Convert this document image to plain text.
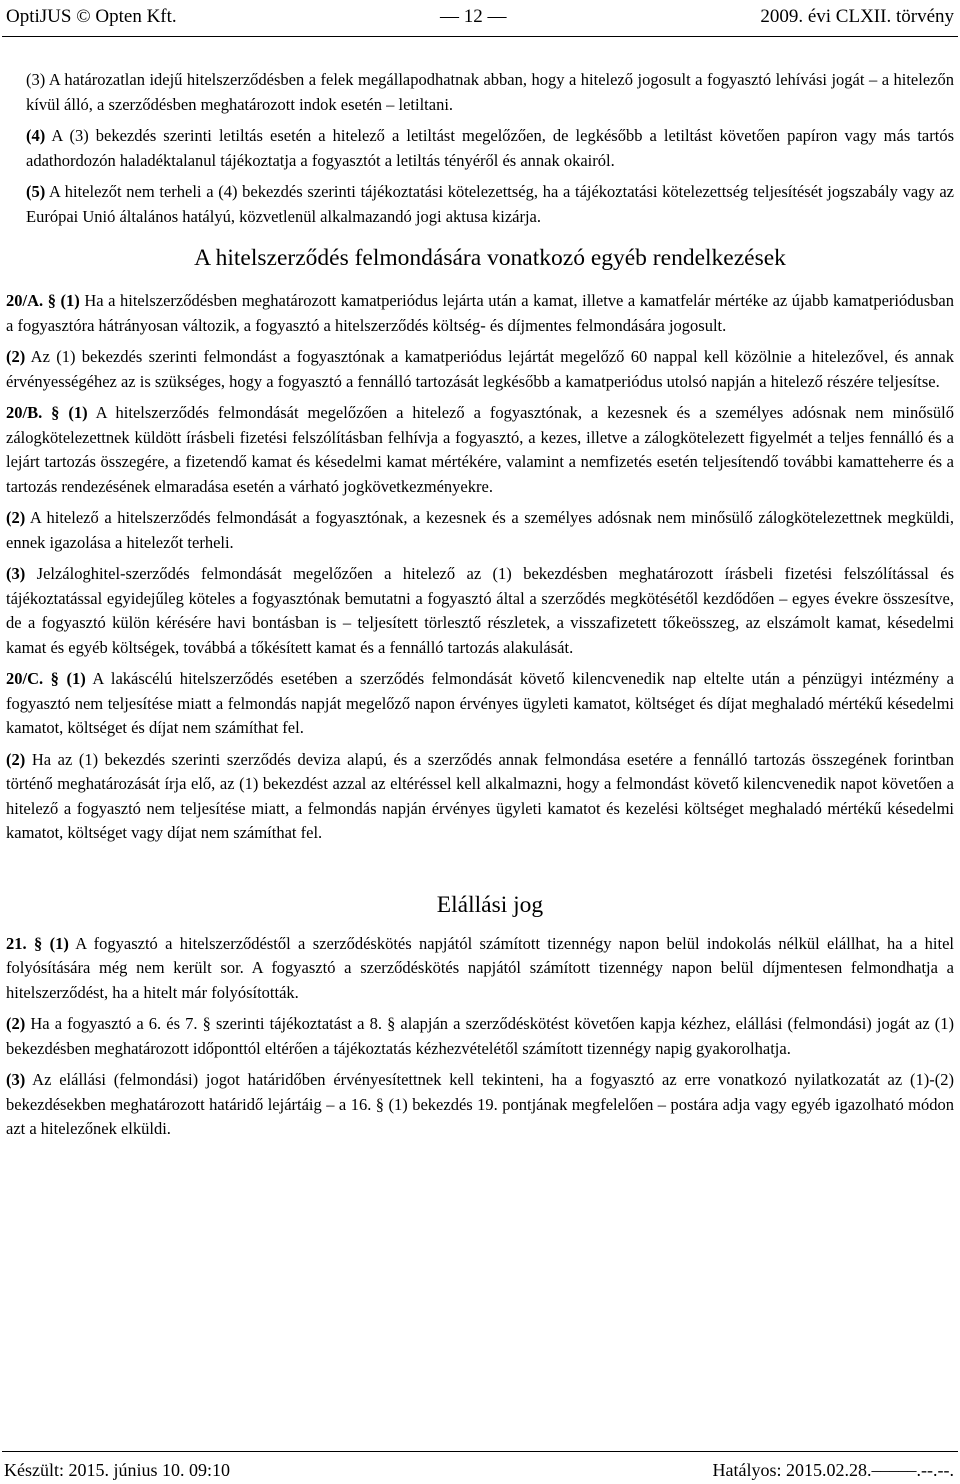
OptiJUS © Opten Kft.	— 12 —	2009. évi CLXII. törvény

(3) A határozatlan idejű hitelszerződésben a felek megállapodhatnak abban, hogy a hitelező jogosult a fogyasztó lehívási jogát – a hitelezőn kívül álló, a szerződésben meghatározott indok esetén – letiltani.

(4) A (3) bekezdés szerinti letiltás esetén a hitelező a letiltást megelőzően, de legkésőbb a letiltást követően papíron vagy más tartós adathordozón haladéktalanul tájékoztatja a fogyasztót a letiltás tényéről és annak okairól.

(5) A hitelezőt nem terheli a (4) bekezdés szerinti tájékoztatási kötelezettség, ha a tájékoztatási kötelezettség teljesítését jogszabály vagy az Európai Unió általános hatályú, közvetlenül alkalmazandó jogi aktusa kizárja.

A hitelszerződés felmondására vonatkozó egyéb rendelkezések

20/A. § (1) Ha a hitelszerződésben meghatározott kamatperiódus lejárta után a kamat, illetve a kamatfelár mértéke az újabb kamatperiódusban a fogyasztóra hátrányosan változik, a fogyasztó a hitelszerződés költség- és díjmentes felmondására jogosult.

(2) Az (1) bekezdés szerinti felmondást a fogyasztónak a kamatperiódus lejártát megelőző 60 nappal kell közölnie a hitelezővel, és annak érvényességéhez az is szükséges, hogy a fogyasztó a fennálló tartozását legkésőbb a kamatperiódus utolsó napján a hitelező részére teljesítse.

20/B. § (1) A hitelszerződés felmondását megelőzően a hitelező a fogyasztónak, a kezesnek és a személyes adósnak nem minősülő zálogkötelezettnek küldött írásbeli fizetési felszólításban felhívja a fogyasztó, a kezes, illetve a zálogkötelezett figyelmét a teljes fennálló és a lejárt tartozás összegére, a fizetendő kamat és késedelmi kamat mértékére, valamint a nemfizetés esetén teljesítendő további kamatteherre és a tartozás rendezésének elmaradása esetén a várható jogkövetkezményekre.

(2) A hitelező a hitelszerződés felmondását a fogyasztónak, a kezesnek és a személyes adósnak nem minősülő zálogkötelezettnek megküldi, ennek igazolása a hitelezőt terheli.

(3) Jelzáloghitel-szerződés felmondását megelőzően a hitelező az (1) bekezdésben meghatározott írásbeli fizetési felszólítással és tájékoztatással egyidejűleg köteles a fogyasztónak bemutatni a fogyasztó által a szerződés megkötésétől kezdődően – egyes évekre összesítve, de a fogyasztó külön kérésére havi bontásban is – teljesített törlesztő részletek, a visszafizetett tőkeösszeg, az elszámolt kamat, késedelmi kamat és egyéb költségek, továbbá a tőkésített kamat és a fennálló tartozás alakulását.

20/C. § (1) A lakáscélú hitelszerződés esetében a szerződés felmondását követő kilencvenedik nap eltelte után a pénzügyi intézmény a fogyasztó nem teljesítése miatt a felmondás napját megelőző napon érvényes ügyleti kamatot, költséget és díjat meghaladó mértékű késedelmi kamatot, költséget és díjat nem számíthat fel.

(2) Ha az (1) bekezdés szerinti szerződés deviza alapú, és a szerződés annak felmondása esetére a fennálló tartozás összegének forintban történő meghatározását írja elő, az (1) bekezdést azzal az eltéréssel kell alkalmazni, hogy a felmondást követő kilencvenedik napot követően a hitelező a fogyasztó nem teljesítése miatt, a felmondás napján érvényes ügyleti kamatot és kezelési költséget meghaladó mértékű késedelmi kamatot, költséget vagy díjat nem számíthat fel.

Elállási jog

21. § (1) A fogyasztó a hitelszerződéstől a szerződéskötés napjától számított tizennégy napon belül indokolás nélkül elállhat, ha a hitel folyósítására még nem került sor. A fogyasztó a szerződéskötés napjától számított tizennégy napon belül díjmentesen felmondhatja a hitelszerződést, ha a hitelt már folyósították.

(2) Ha a fogyasztó a 6. és 7. § szerinti tájékoztatást a 8. § alapján a szerződéskötést követően kapja kézhez, elállási (felmondási) jogát az (1) bekezdésben meghatározott időponttól eltérően a tájékoztatás kézhezvételétől számított tizennégy napig gyakorolhatja.

(3) Az elállási (felmondási) jogot határidőben érvényesítettnek kell tekinteni, ha a fogyasztó az erre vonatkozó nyilatkozatát az (1)-(2) bekezdésekben meghatározott határidő lejártáig – a 16. § (1) bekezdés 19. pontjának megfelelően – postára adja vagy egyéb igazolható módon azt a hitelezőnek elküldi.

Készült: 2015. június 10. 09:10	Hatályos: 2015.02.28.–––––.--.--.
